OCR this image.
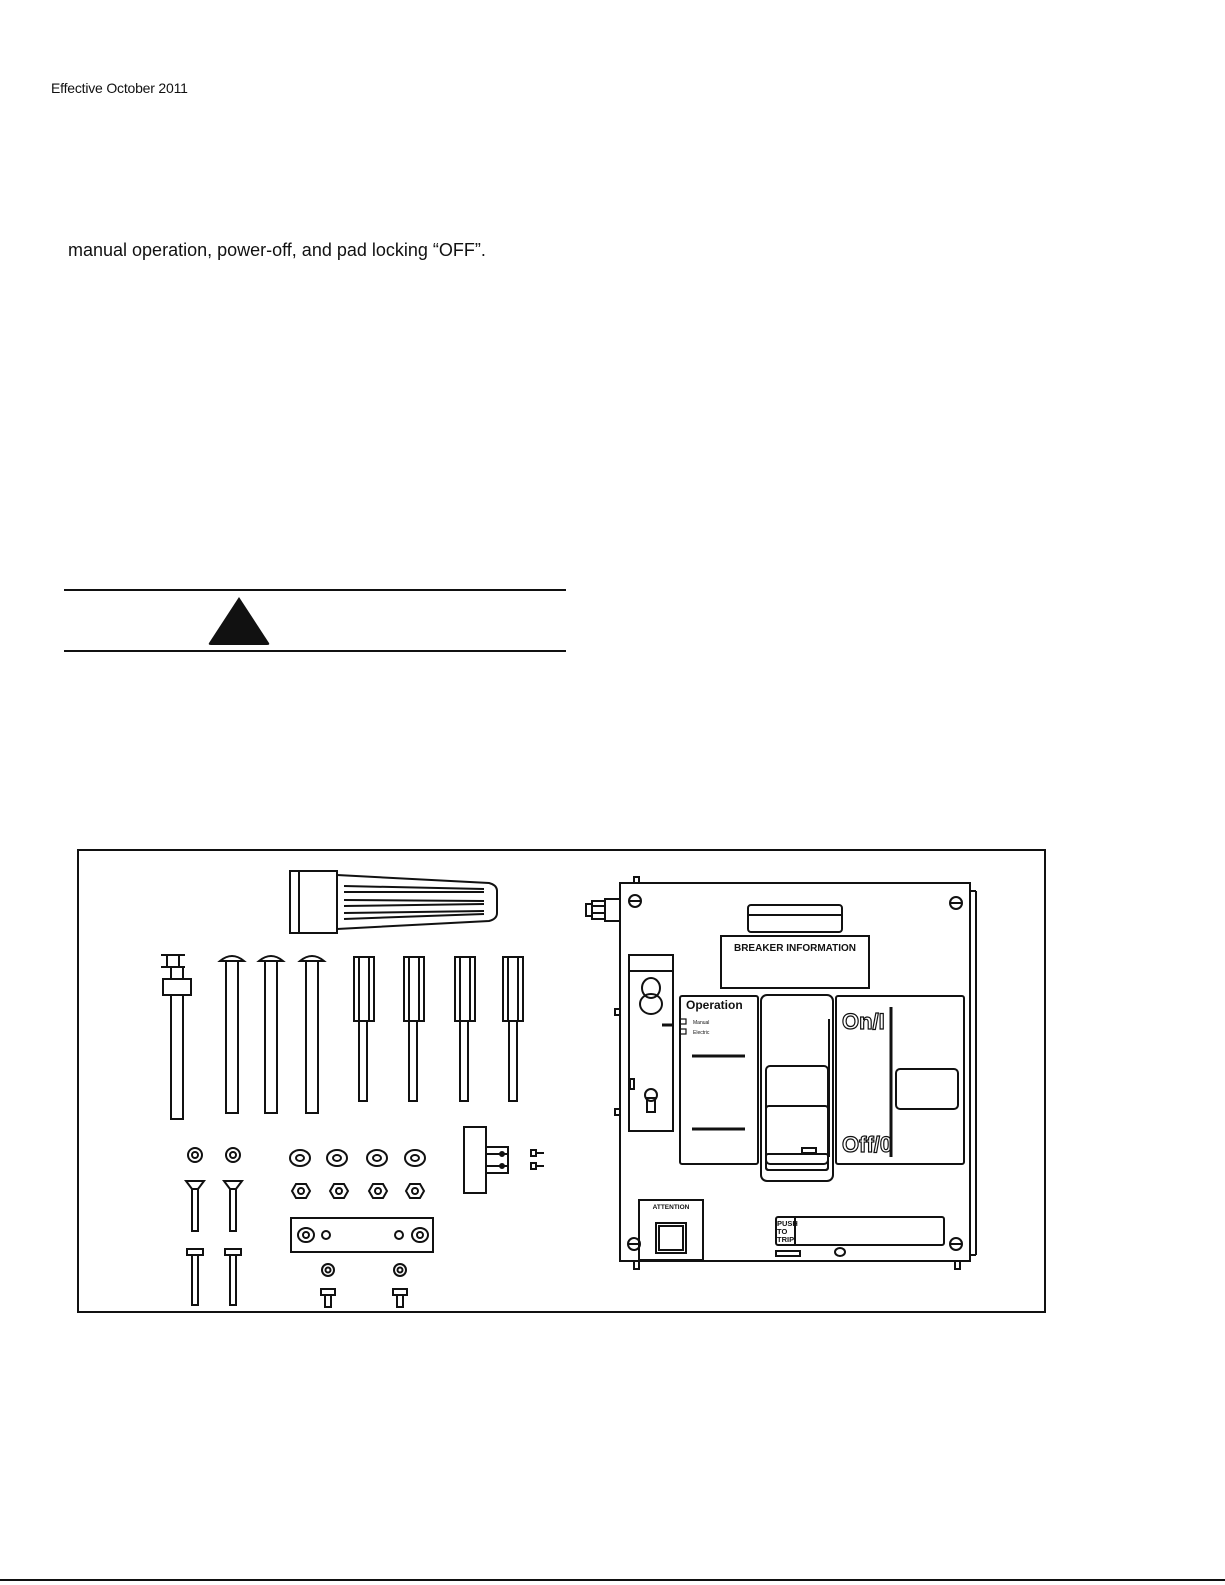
Effective October 2011
manual operation, power-off, and pad locking “OFF”.
BREAKER INFORMATION
Operation
Manual
Electric	On/I
Off/0
ATTENTION
PUSH
TO
TRIP
